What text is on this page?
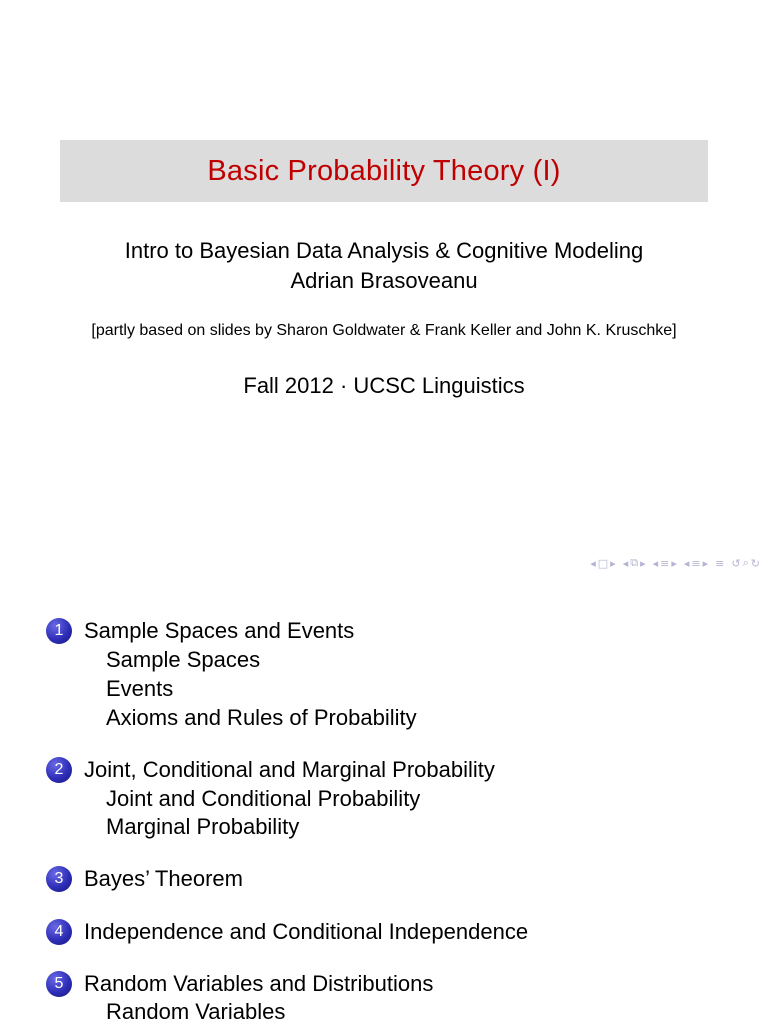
Basic Probability Theory (I)
Intro to Bayesian Data Analysis & Cognitive Modeling
Adrian Brasoveanu
[partly based on slides by Sharon Goldwater & Frank Keller and John K. Kruschke]
Fall 2012 · UCSC Linguistics
◂ □ ▸ ◂ ⧉ ▸ ◂ ≡ ▸ ◂ ≡ ▸ ≡ ↺ ⌕ ↻
1 Sample Spaces and Events
Sample Spaces
Events
Axioms and Rules of Probability
2 Joint, Conditional and Marginal Probability
Joint and Conditional Probability
Marginal Probability
3 Bayes’ Theorem
4 Independence and Conditional Independence
5 Random Variables and Distributions
Random Variables
